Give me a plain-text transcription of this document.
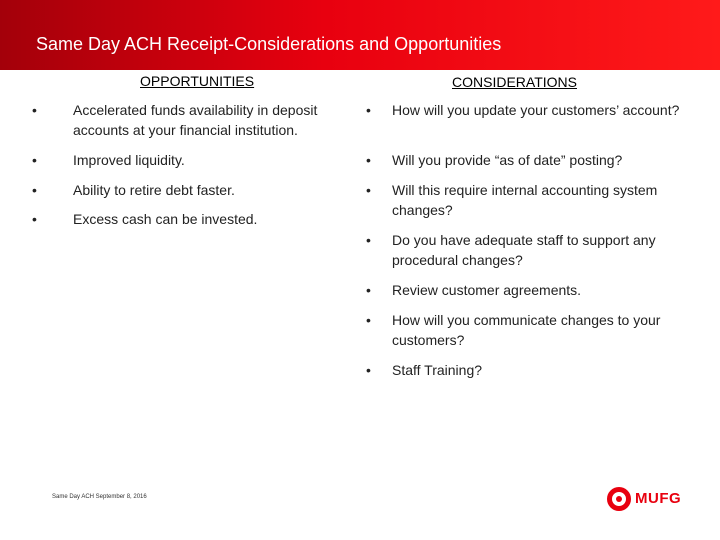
Same Day ACH Receipt-Considerations and Opportunities
OPPORTUNITIES	CONSIDERATIONS
•	Accelerated funds availability in deposit accounts at your financial institution.
•	Improved liquidity.
•	Ability to retire debt faster.
•	Excess cash can be invested.
• How will you update your customers’ account?
• Will you provide “as of date” posting?
• Will this require internal accounting system changes?
• Do you have adequate staff to support any procedural changes?
• Review customer agreements.
• How will you communicate changes to your customers?
• Staff Training?
Same Day ACH September 8, 2016	MUFG
